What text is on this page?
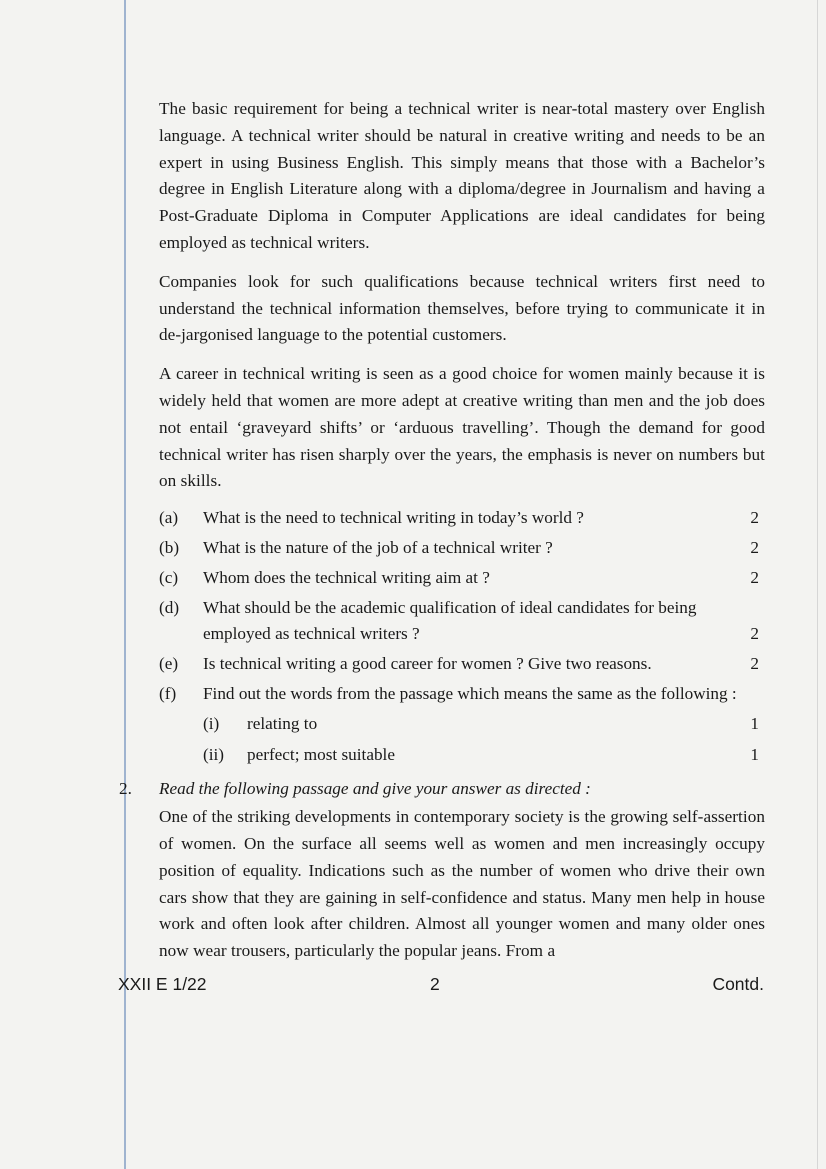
The basic requirement for being a technical writer is near-total mastery over English language. A technical writer should be natural in creative writing and needs to be an expert in using Business English. This simply means that those with a Bachelor’s degree in English Literature along with a diploma/degree in Journalism and having a Post-Graduate Diploma in Computer Applications are ideal candidates for being employed as technical writers.

Companies look for such qualifications because technical writers first need to understand the technical information themselves, before trying to communicate it in de-jargonised language to the potential customers.

A career in technical writing is seen as a good choice for women mainly because it is widely held that women are more adept at creative writing than men and the job does not entail ‘graveyard shifts’ or ‘arduous travelling’. Though the demand for good technical writer has risen sharply over the years, the emphasis is never on numbers but on skills.

(a) What is the need to technical writing in today’s world ?	2
(b) What is the nature of the job of a technical writer ?	2
(c) Whom does the technical writing aim at ?	2
(d) What should be the academic qualification of ideal candidates for being employed as technical writers ?	2
(e) Is technical writing a good career for women ? Give two reasons.	2
(f) Find out the words from the passage which means the same as the following :
(i) relating to	1
(ii) perfect; most suitable	1
2. Read the following passage and give your answer as directed :

One of the striking developments in contemporary society is the growing self-assertion of women. On the surface all seems well as women and men increasingly occupy position of equality. Indications such as the number of women who drive their own cars show that they are gaining in self-confidence and status. Many men help in house work and often look after children. Almost all younger women and many older ones now wear trousers, particularly the popular jeans. From a

XXII E 1/22	2	Contd.
